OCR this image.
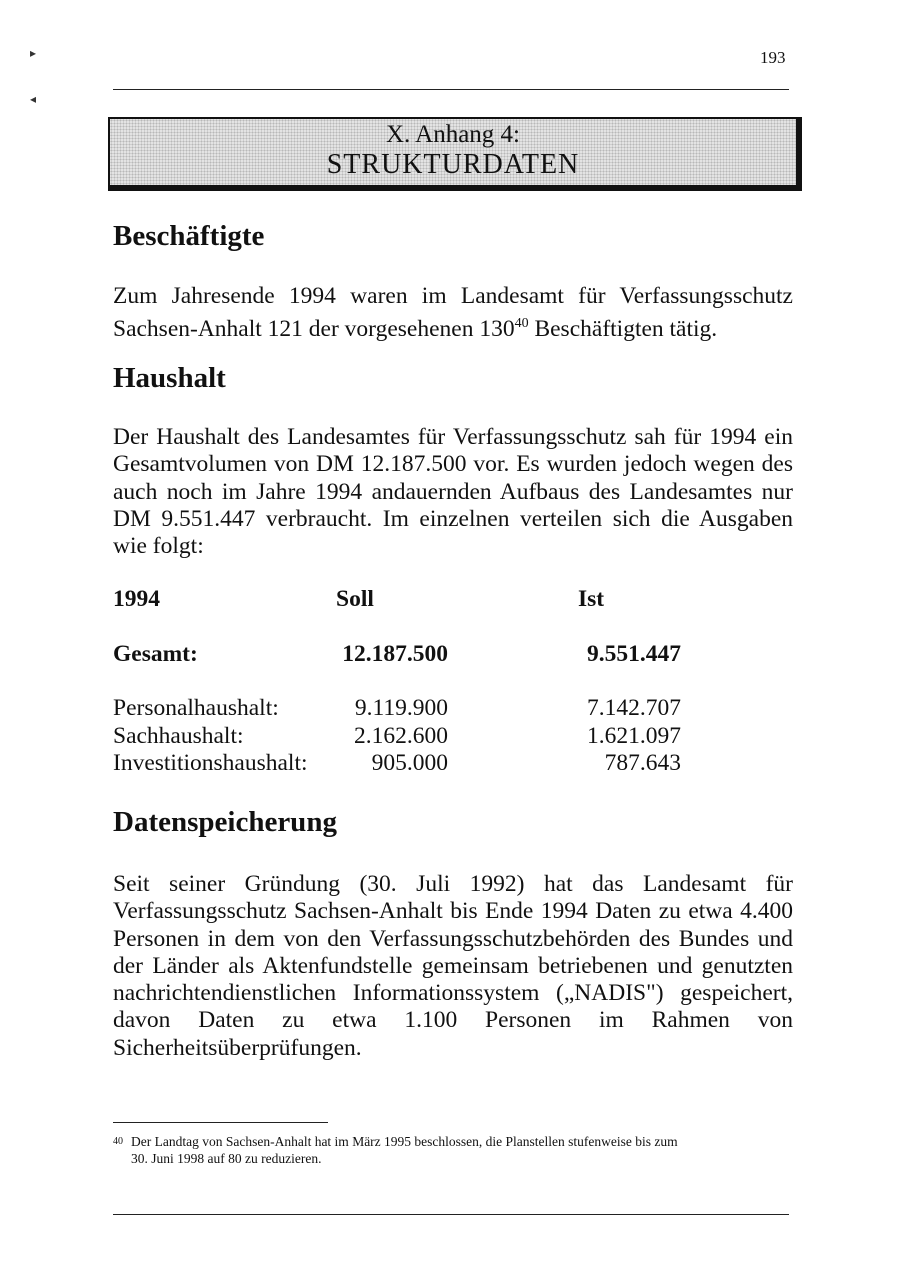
▸
◂
193
X. Anhang 4:
STRUKTURDATEN
Beschäftigte

Zum Jahresende 1994 waren im Landesamt für Verfassungsschutz Sachsen-Anhalt 121 der vorgesehenen $130^{40}$ Beschäftigten tätig.

Haushalt

Der Haushalt des Landesamtes für Verfassungsschutz sah für 1994 ein Gesamtvolumen von DM 12.187.500 vor. Es wurden jedoch wegen des auch noch im Jahre 1994 andauernden Aufbaus des Landesamtes nur DM 9.551.447 verbraucht. Im einzelnen verteilen sich die Ausgaben wie folgt:

1994	Soll		Ist

Gesamt:	12.187.500		9.551.447

Personalhaushalt:	9.119.900		7.142.707
Sachhaushalt:	2.162.600		1.621.097
Investitionshaushalt:	905.000		787.643
Datenspeicherung

Seit seiner Gründung (30. Juli 1992) hat das Landesamt für Verfassungsschutz Sachsen-Anhalt bis Ende 1994 Daten zu etwa 4.400 Personen in dem von den Verfassungsschutzbehörden des Bundes und der Länder als Aktenfundstelle gemeinsam betriebenen und genutzten nachrichtendienstlichen Informationssystem („NADIS") gespeichert, davon Daten zu etwa 1.100 Personen im Rahmen von Sicherheitsüberprüfungen.

$^{40}$ Der Landtag von Sachsen-Anhalt hat im März 1995 beschlossen, die Planstellen stufenweise bis zum
30. Juni 1998 auf 80 zu reduzieren.
